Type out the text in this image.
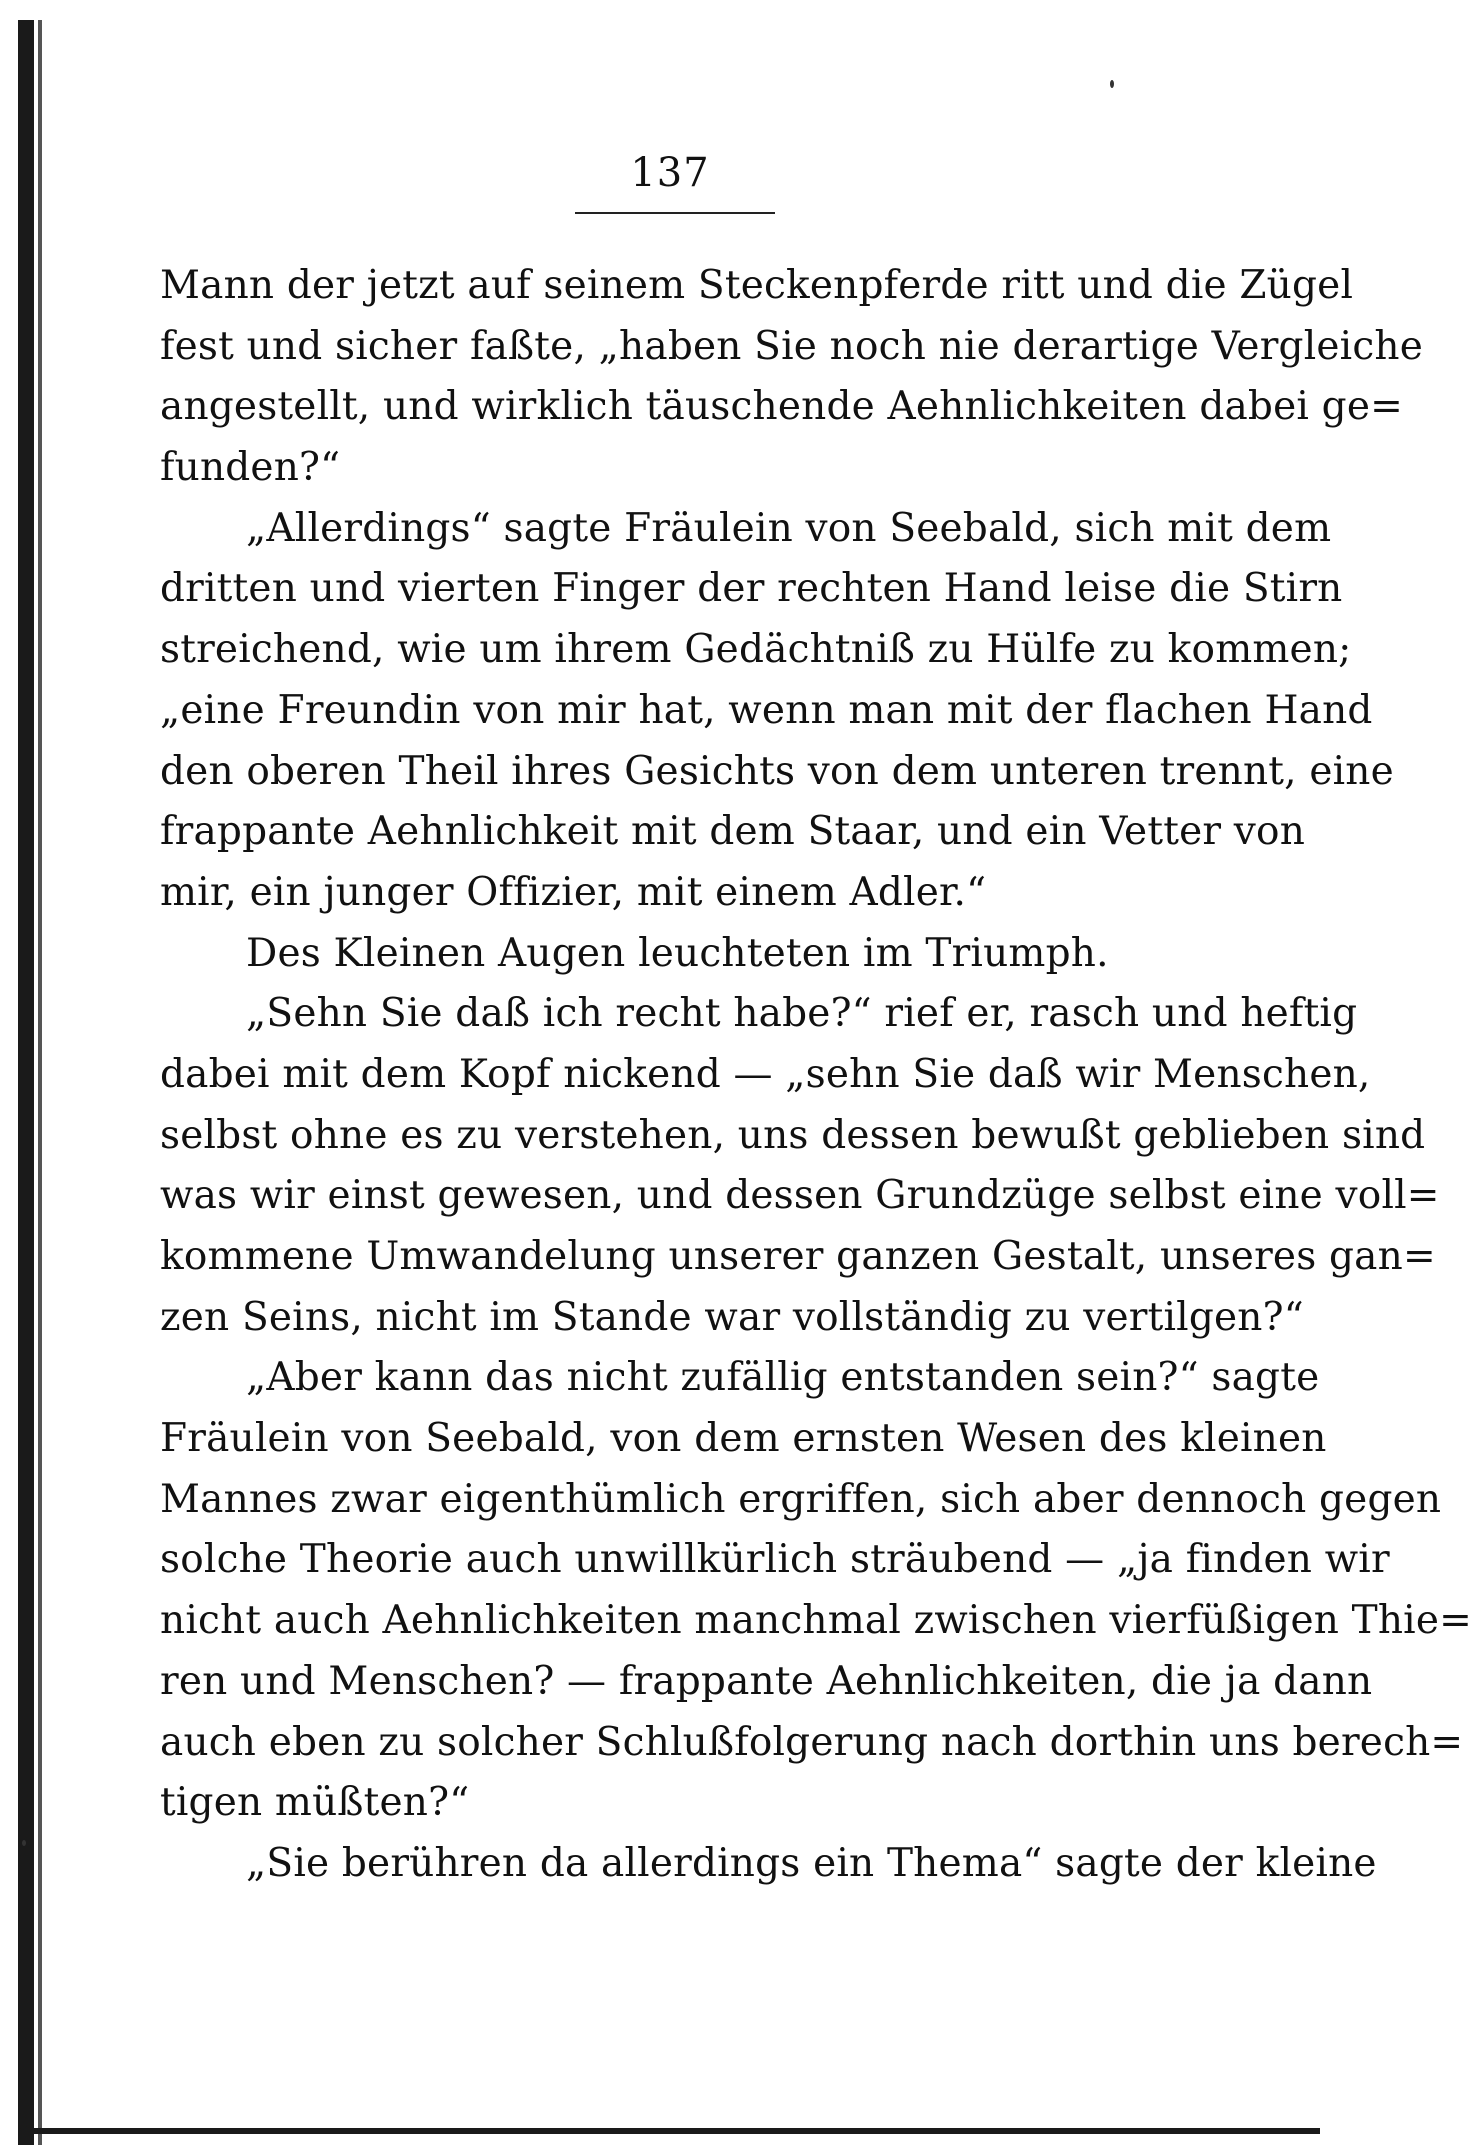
137
Mann der jetzt auf seinem Steckenpferde ritt und die Zügel
fest und sicher faßte, „haben Sie noch nie derartige Vergleiche
angestellt, und wirklich täuschende Aehnlichkeiten dabei ge=
funden?“
„Allerdings“ sagte Fräulein von Seebald, sich mit dem
dritten und vierten Finger der rechten Hand leise die Stirn
streichend, wie um ihrem Gedächtniß zu Hülfe zu kommen;
„eine Freundin von mir hat, wenn man mit der flachen Hand
den oberen Theil ihres Gesichts von dem unteren trennt, eine
frappante Aehnlichkeit mit dem Staar, und ein Vetter von
mir, ein junger Offizier, mit einem Adler.“
Des Kleinen Augen leuchteten im Triumph.
„Sehn Sie daß ich recht habe?“ rief er, rasch und heftig
dabei mit dem Kopf nickend — „sehn Sie daß wir Menschen,
selbst ohne es zu verstehen, uns dessen bewußt geblieben sind
was wir einst gewesen, und dessen Grundzüge selbst eine voll=
kommene Umwandelung unserer ganzen Gestalt, unseres gan=
zen Seins, nicht im Stande war vollständig zu vertilgen?“
„Aber kann das nicht zufällig entstanden sein?“ sagte
Fräulein von Seebald, von dem ernsten Wesen des kleinen
Mannes zwar eigenthümlich ergriffen, sich aber dennoch gegen
solche Theorie auch unwillkürlich sträubend — „ja finden wir
nicht auch Aehnlichkeiten manchmal zwischen vierfüßigen Thie=
ren und Menschen? — frappante Aehnlichkeiten, die ja dann
auch eben zu solcher Schlußfolgerung nach dorthin uns berech=
tigen müßten?“
„Sie berühren da allerdings ein Thema“ sagte der kleine
